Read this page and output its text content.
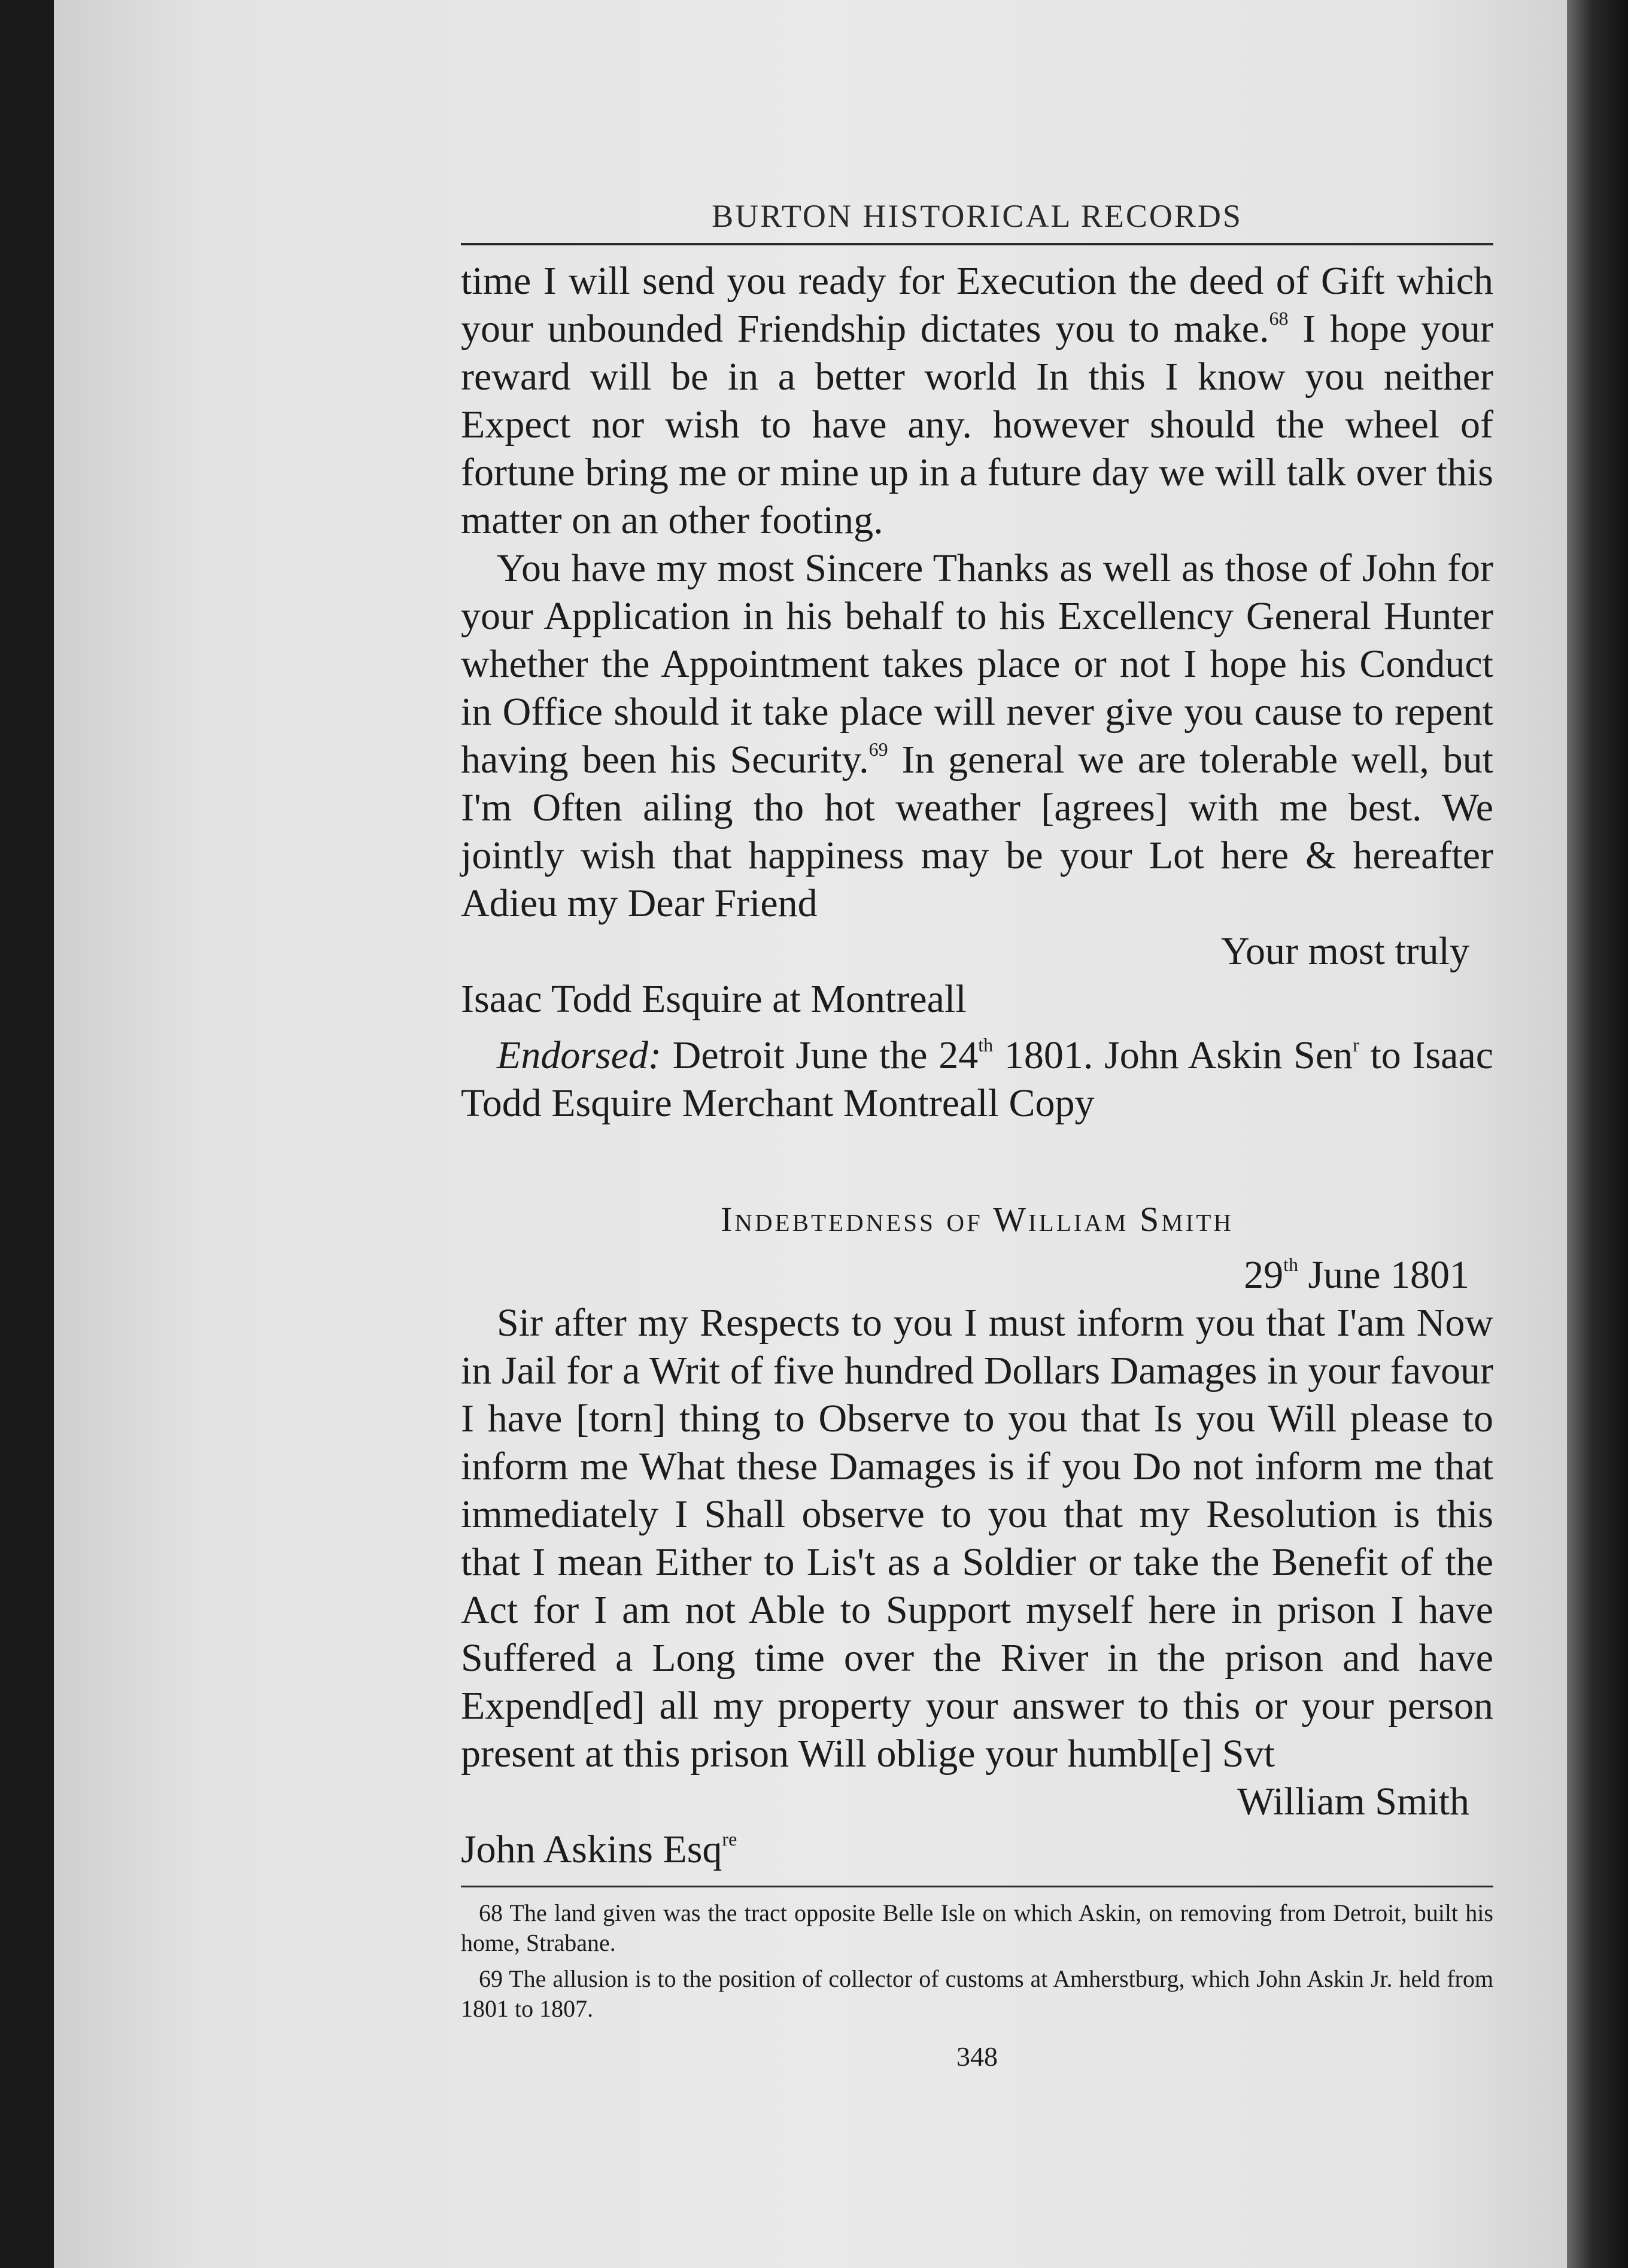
BURTON HISTORICAL RECORDS

time I will send you ready for Execution the deed of Gift which your unbounded Friendship dictates you to make.$^{68}$ I hope your reward will be in a better world In this I know you neither Expect nor wish to have any. however should the wheel of fortune bring me or mine up in a future day we will talk over this matter on an other footing.

You have my most Sincere Thanks as well as those of John for your Application in his behalf to his Excellency General Hunter whether the Appointment takes place or not I hope his Conduct in Office should it take place will never give you cause to repent having been his Security.$^{69}$ In general we are tolerable well, but I'm Often ailing tho hot weather [agrees] with me best. We jointly wish that happiness may be your Lot here & hereafter Adieu my Dear Friend

Your most truly

Isaac Todd Esquire at Montreall

Endorsed: Detroit June the 24th 1801. John Askin Sen$^r$ to Isaac Todd Esquire Merchant Montreall Copy

Indebtedness of William Smith

29th June 1801

Sir after my Respects to you I must inform you that I'am Now in Jail for a Writ of five hundred Dollars Damages in your favour I have [torn] thing to Observe to you that Is you Will please to inform me What these Damages is if you Do not inform me that immediately I Shall observe to you that my Resolution is this that I mean Either to Lis't as a Soldier or take the Benefit of the Act for I am not Able to Support myself here in prison I have Suffered a Long time over the River in the prison and have Expend[ed] all my property your answer to this or your person present at this prison Will oblige your humbl[e] Svt

William Smith

John Askins Esq$^{re}$

68 The land given was the tract opposite Belle Isle on which Askin, on removing from Detroit, built his home, Strabane.

69 The allusion is to the position of collector of customs at Amherstburg, which John Askin Jr. held from 1801 to 1807.

348
